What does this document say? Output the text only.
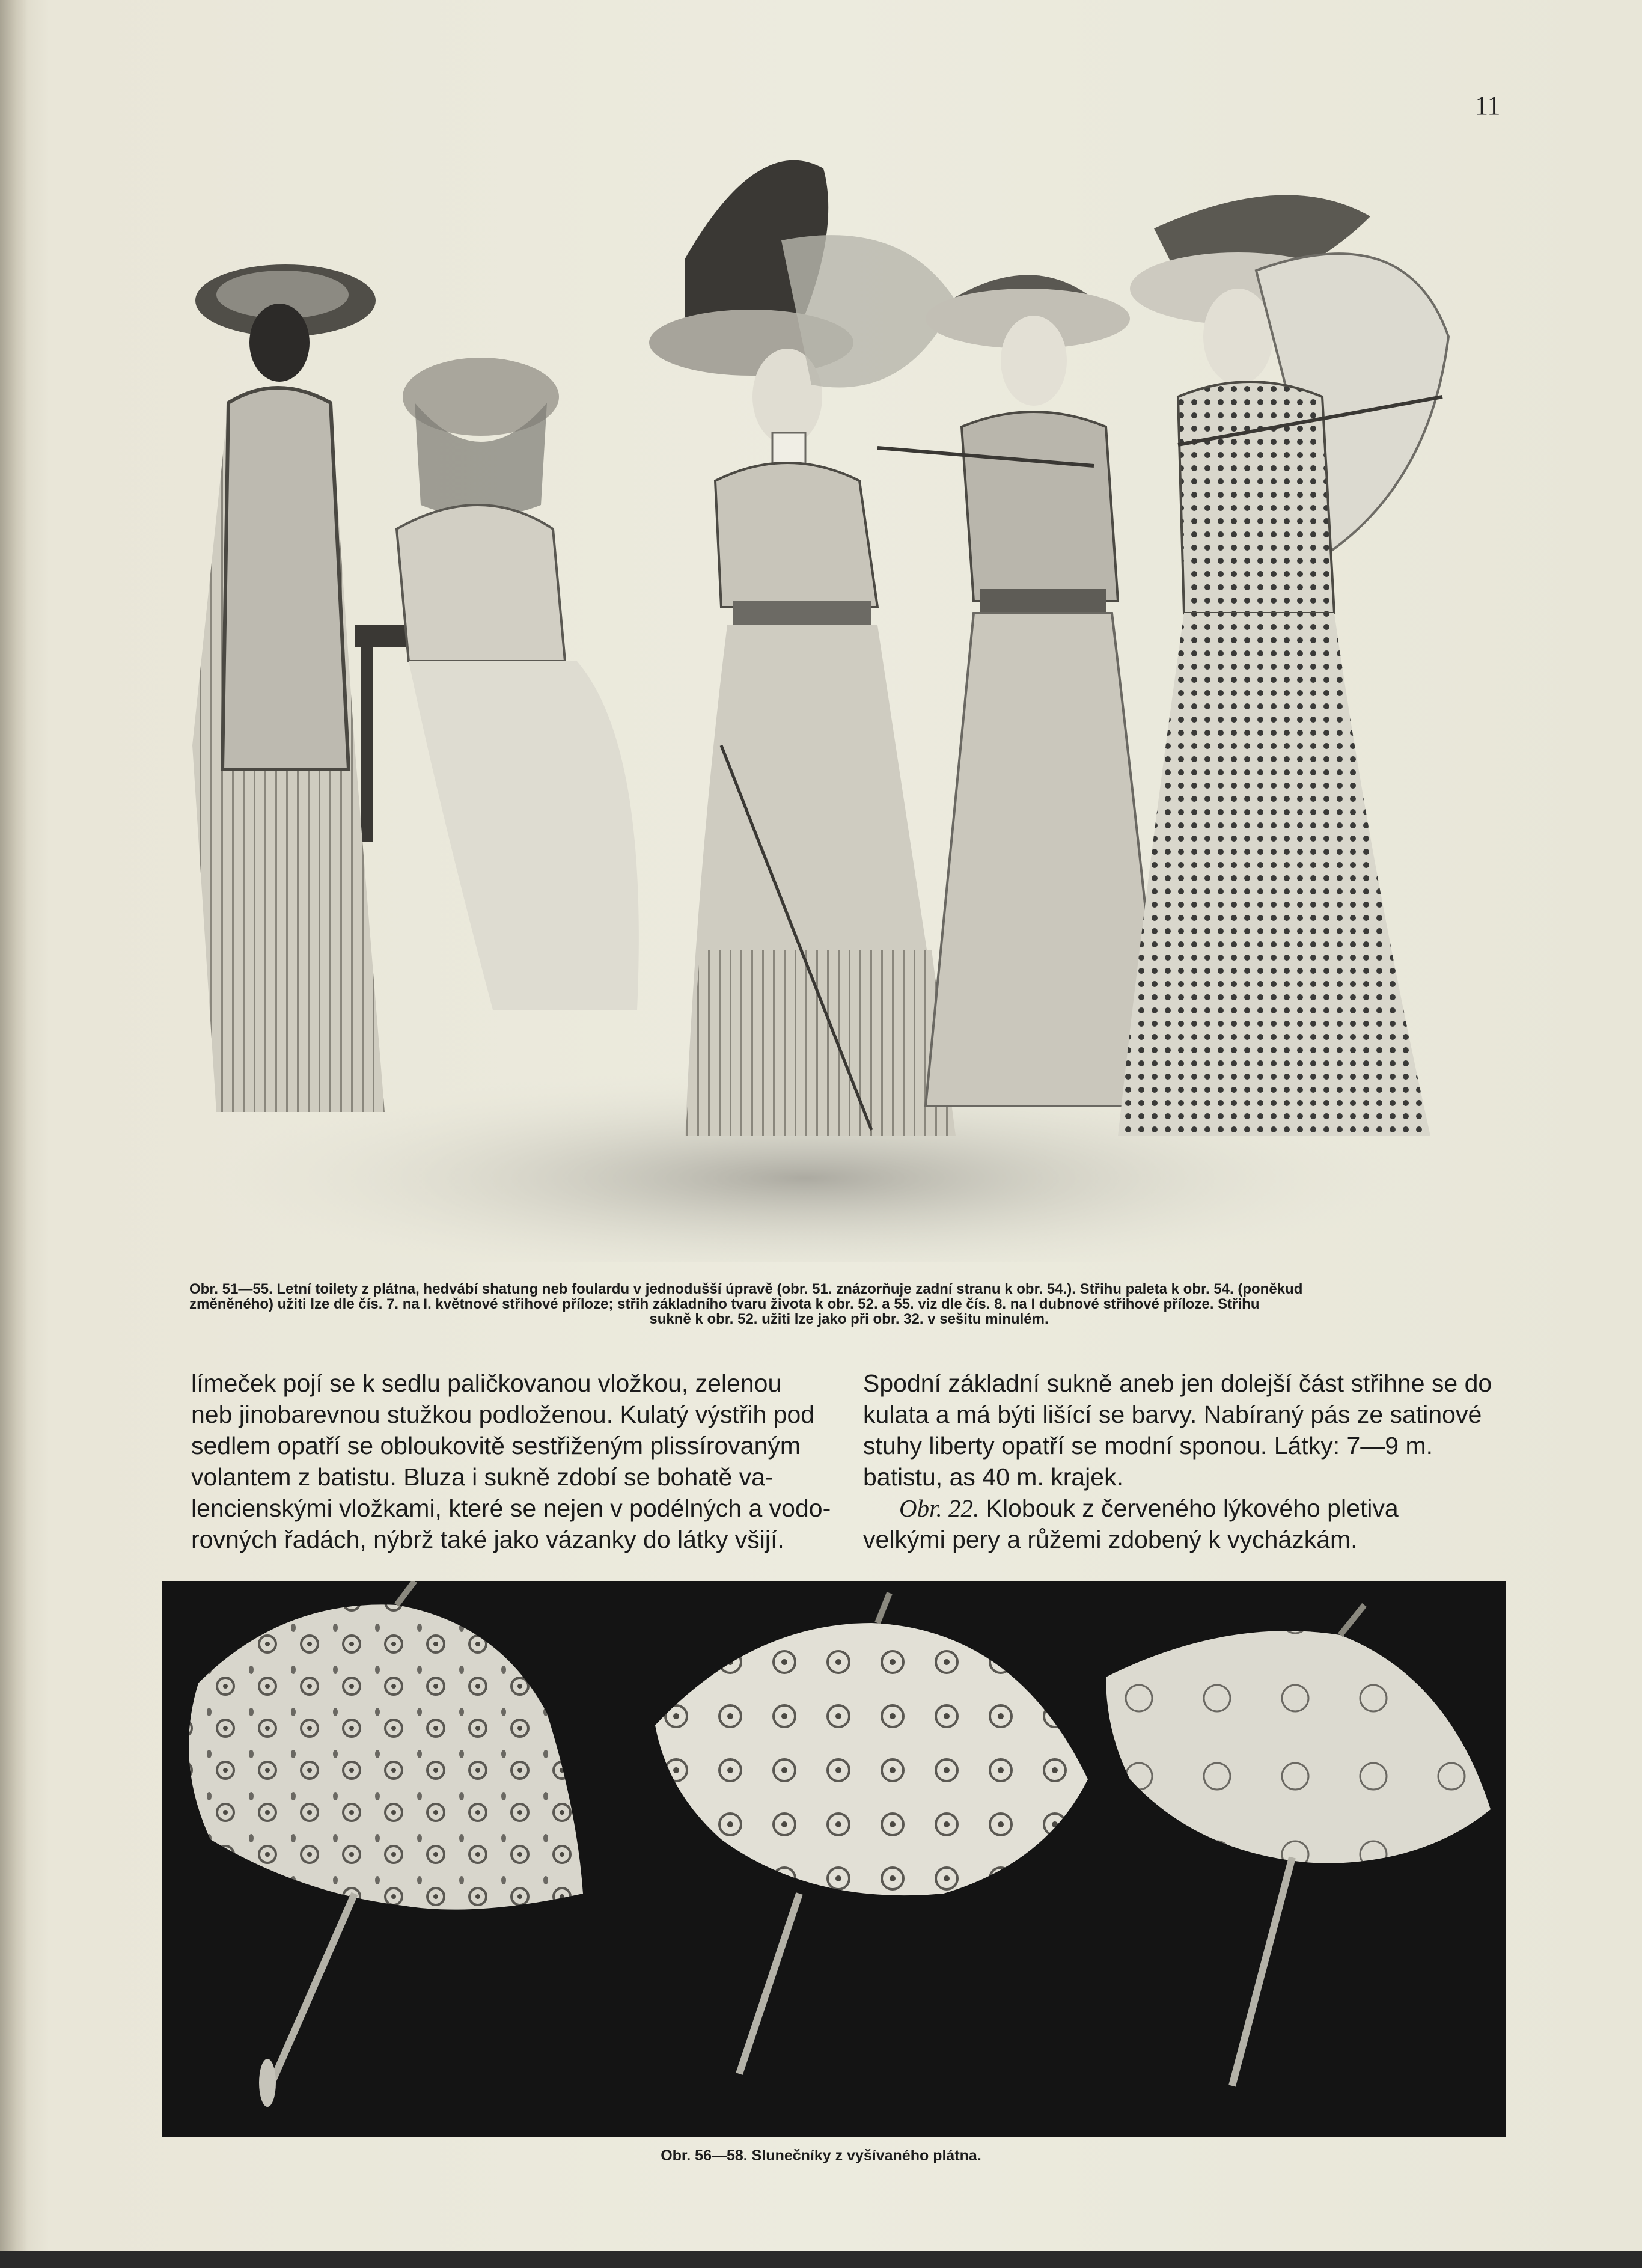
11
Obr. 51—55. Letní toilety z plátna, hedvábí shatung neb foulardu v jednodušší úpravě (obr. 51. znázorňuje zadní stranu k obr. 54.). Střihu paleta k obr. 54. (poněkud
změněného) užiti lze dle čís. 7. na I. květnové střihové příloze; střih základního tvaru života k obr. 52. a 55. viz dle čís. 8. na I dubnové střihové příloze. Střihu
sukně k obr. 52. užiti lze jako při obr. 32. v sešitu minulém.
límeček pojí se k sedlu paličkovanou vložkou, zelenou
neb jinobarevnou stužkou podloženou. Kulatý výstřih pod
sedlem opatří se obloukovitě sestřiženým plissírovaným
volantem z batistu. Bluza i sukně zdobí se bohatě va-
lencienskými vložkami, které se nejen v podélných a vodo-
rovných řadách, nýbrž také jako vázanky do látky všijí.
Spodní základní sukně aneb jen dolejší část střihne se do
kulata a má býti lišící se barvy. Nabíraný pás ze satinové
stuhy liberty opatří se modní sponou. Látky: 7—9 m.
batistu, as 40 m. krajek.
Obr. 22. Klobouk z červeného lýkového pletiva
velkými pery a růžemi zdobený k vycházkám.
Obr. 56—58. Slunečníky z vyšívaného plátna.
